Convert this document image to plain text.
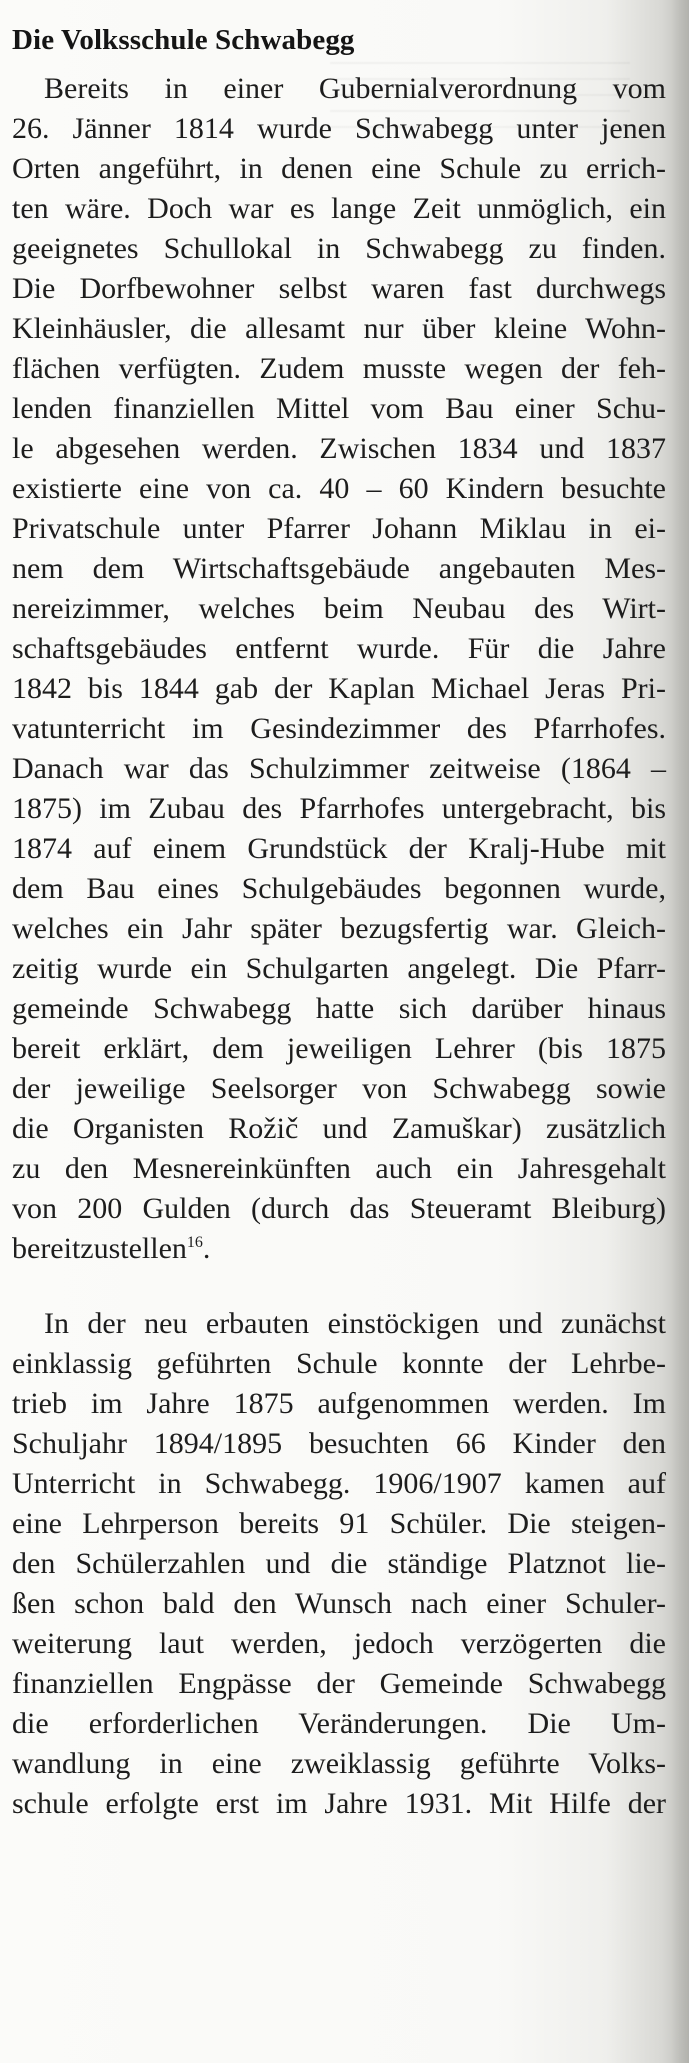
Die Volksschule Schwabegg

Bereits in einer Gubernialverordnung vom

26. Jänner 1814 wurde Schwabegg unter jenen

Orten angeführt, in denen eine Schule zu errich-

ten wäre. Doch war es lange Zeit unmöglich, ein

geeignetes Schullokal in Schwabegg zu finden.

Die Dorfbewohner selbst waren fast durchwegs

Kleinhäusler, die allesamt nur über kleine Wohn-

flächen verfügten. Zudem musste wegen der feh-

lenden finanziellen Mittel vom Bau einer Schu-

le abgesehen werden. Zwischen 1834 und 1837

existierte eine von ca. 40 – 60 Kindern besuchte

Privatschule unter Pfarrer Johann Miklau in ei-

nem dem Wirtschaftsgebäude angebauten Mes-

nereizimmer, welches beim Neubau des Wirt-

schaftsgebäudes entfernt wurde. Für die Jahre

1842 bis 1844 gab der Kaplan Michael Jeras Pri-

vatunterricht im Gesindezimmer des Pfarrhofes.

Danach war das Schulzimmer zeitweise (1864 –

1875) im Zubau des Pfarrhofes untergebracht, bis

1874 auf einem Grundstück der Kralj-Hube mit

dem Bau eines Schulgebäudes begonnen wurde,

welches ein Jahr später bezugsfertig war. Gleich-

zeitig wurde ein Schulgarten angelegt. Die Pfarr-

gemeinde Schwabegg hatte sich darüber hinaus

bereit erklärt, dem jeweiligen Lehrer (bis 1875

der jeweilige Seelsorger von Schwabegg sowie

die Organisten Rožič und Zamuškar) zusätzlich

zu den Mesnereinkünften auch ein Jahresgehalt

von 200 Gulden (durch das Steueramt Bleiburg)

bereitzustellen$^{16}$.

In der neu erbauten einstöckigen und zunächst

einklassig geführten Schule konnte der Lehrbe-

trieb im Jahre 1875 aufgenommen werden. Im

Schuljahr 1894/1895 besuchten 66 Kinder den

Unterricht in Schwabegg. 1906/1907 kamen auf

eine Lehrperson bereits 91 Schüler. Die steigen-

den Schülerzahlen und die ständige Platznot lie-

ßen schon bald den Wunsch nach einer Schuler-

weiterung laut werden, jedoch verzögerten die

finanziellen Engpässe der Gemeinde Schwabegg

die erforderlichen Veränderungen. Die Um-

wandlung in eine zweiklassig geführte Volks-

schule erfolgte erst im Jahre 1931. Mit Hilfe der
